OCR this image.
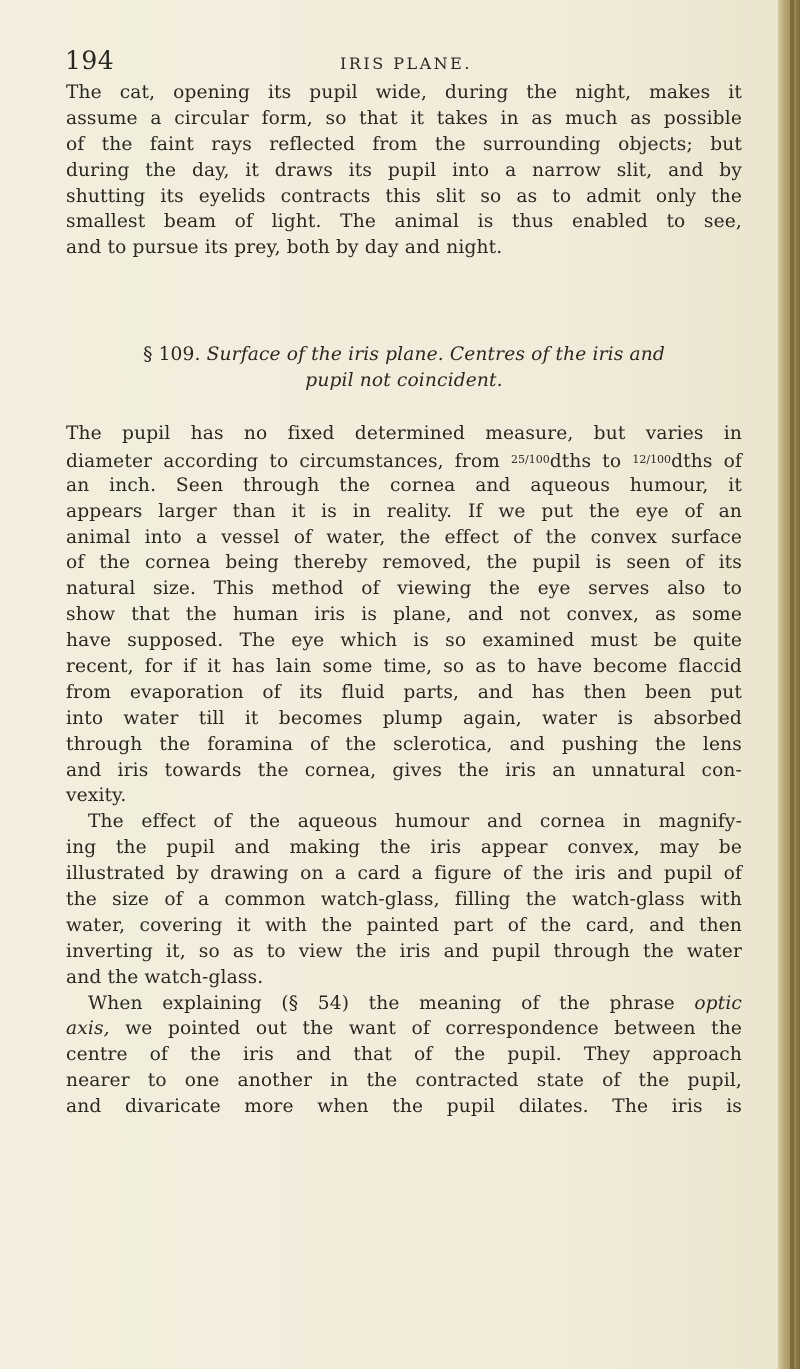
194	IRIS PLANE.
The cat, opening its pupil wide, during the night, makes it
assume a circular form, so that it takes in as much as possible
of the faint rays reflected from the surrounding objects; but
during the day, it draws its pupil into a narrow slit, and by
shutting its eyelids contracts this slit so as to admit only the
smallest beam of light. The animal is thus enabled to see,
and to pursue its prey, both by day and night.
§ 109. Surface of the iris plane. Centres of the iris and
pupil not coincident.
The pupil has no fixed determined measure, but varies in
diameter according to circumstances, from $^{25/100}$dths to $^{12/100}$dths of
an inch. Seen through the cornea and aqueous humour, it
appears larger than it is in reality. If we put the eye of an
animal into a vessel of water, the effect of the convex surface
of the cornea being thereby removed, the pupil is seen of its
natural size. This method of viewing the eye serves also to
show that the human iris is plane, and not convex, as some
have supposed. The eye which is so examined must be quite
recent, for if it has lain some time, so as to have become flaccid
from evaporation of its fluid parts, and has then been put
into water till it becomes plump again, water is absorbed
through the foramina of the sclerotica, and pushing the lens
and iris towards the cornea, gives the iris an unnatural con-
vexity.
The effect of the aqueous humour and cornea in magnify-
ing the pupil and making the iris appear convex, may be
illustrated by drawing on a card a figure of the iris and pupil of
the size of a common watch-glass, filling the watch-glass with
water, covering it with the painted part of the card, and then
inverting it, so as to view the iris and pupil through the water
and the watch-glass.
When explaining (§ 54) the meaning of the phrase optic
axis, we pointed out the want of correspondence between the
centre of the iris and that of the pupil. They approach
nearer to one another in the contracted state of the pupil,
and divaricate more when the pupil dilates. The iris is
